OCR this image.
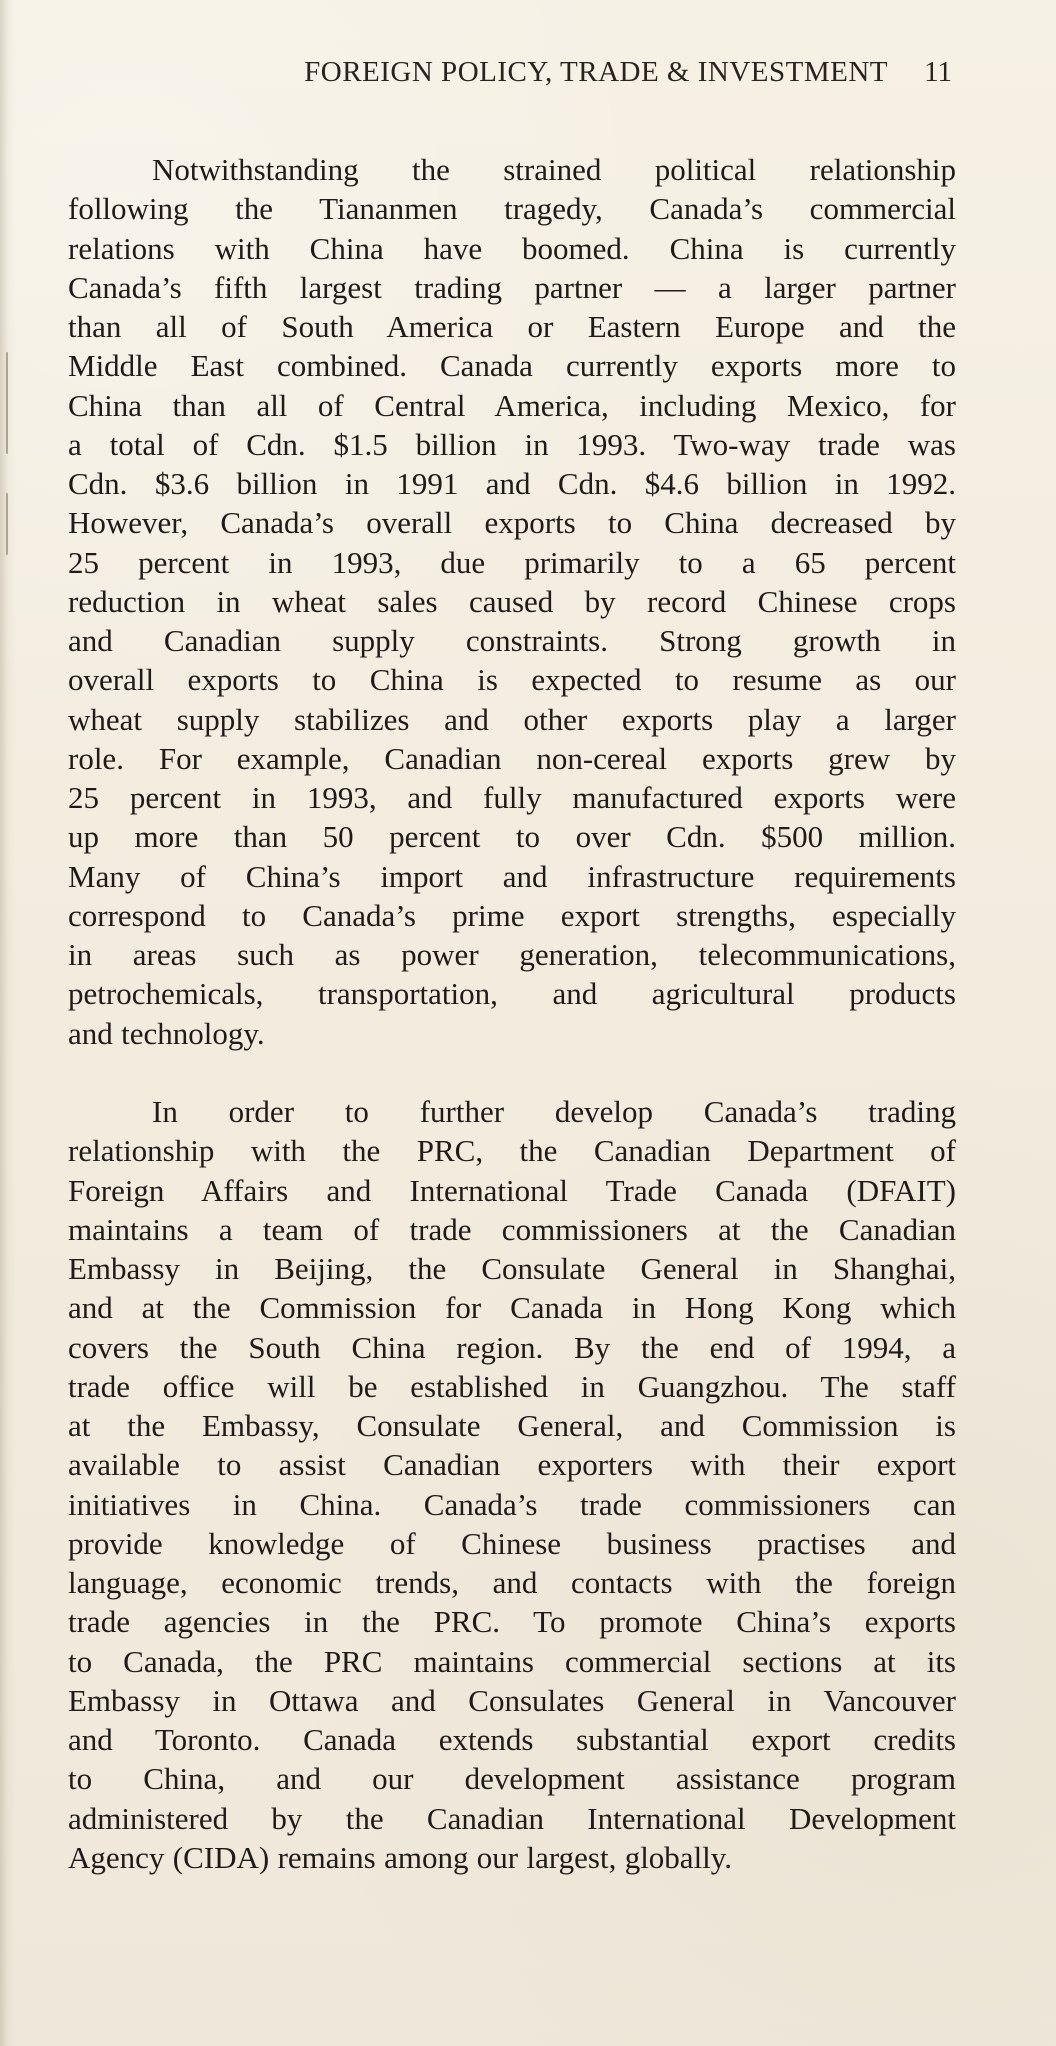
FOREIGN POLICY, TRADE & INVESTMENT	11
Notwithstanding the strained political relationship
following the Tiananmen tragedy, Canada’s commercial
relations with China have boomed. China is currently
Canada’s fifth largest trading partner — a larger partner
than all of South America or Eastern Europe and the
Middle East combined. Canada currently exports more to
China than all of Central America, including Mexico, for
a total of Cdn. $1.5 billion in 1993. Two-way trade was
Cdn. $3.6 billion in 1991 and Cdn. $4.6 billion in 1992.
However, Canada’s overall exports to China decreased by
25 percent in 1993, due primarily to a 65 percent
reduction in wheat sales caused by record Chinese crops
and Canadian supply constraints. Strong growth in
overall exports to China is expected to resume as our
wheat supply stabilizes and other exports play a larger
role. For example, Canadian non-cereal exports grew by
25 percent in 1993, and fully manufactured exports were
up more than 50 percent to over Cdn. $500 million.
Many of China’s import and infrastructure requirements
correspond to Canada’s prime export strengths, especially
in areas such as power generation, telecommunications,
petrochemicals, transportation, and agricultural products
and technology.
In order to further develop Canada’s trading
relationship with the PRC, the Canadian Department of
Foreign Affairs and International Trade Canada (DFAIT)
maintains a team of trade commissioners at the Canadian
Embassy in Beijing, the Consulate General in Shanghai,
and at the Commission for Canada in Hong Kong which
covers the South China region. By the end of 1994, a
trade office will be established in Guangzhou. The staff
at the Embassy, Consulate General, and Commission is
available to assist Canadian exporters with their export
initiatives in China. Canada’s trade commissioners can
provide knowledge of Chinese business practises and
language, economic trends, and contacts with the foreign
trade agencies in the PRC. To promote China’s exports
to Canada, the PRC maintains commercial sections at its
Embassy in Ottawa and Consulates General in Vancouver
and Toronto. Canada extends substantial export credits
to China, and our development assistance program
administered by the Canadian International Development
Agency (CIDA) remains among our largest, globally.
